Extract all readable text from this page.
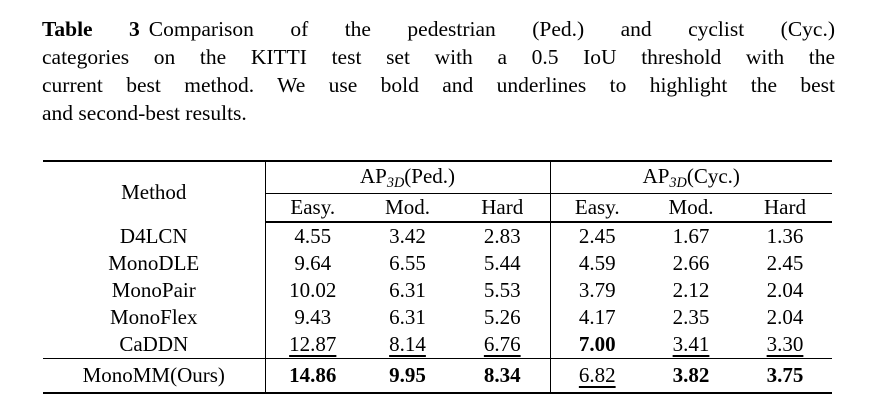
Table 3 Comparison of the pedestrian (Ped.) and cyclist (Cyc.)
categories on the KITTI test set with a 0.5 IoU threshold with the
current best method. We use bold and underlines to highlight the best
and second-best results.
Method	$AP_{3D}(Ped.)$			$AP_{3D}(Cyc.)$		
	Easy.	Mod.	Hard	Easy.	Mod.	Hard
D4LCN	4.55	3.42	2.83	2.45	1.67	1.36
MonoDLE	9.64	6.55	5.44	4.59	2.66	2.45
MonoPair	10.02	6.31	5.53	3.79	2.12	2.04
MonoFlex	9.43	6.31	5.26	4.17	2.35	2.04
CaDDN	12.87	8.14	6.76	7.00	3.41	3.30
MonoMM(Ours)	14.86	9.95	8.34	6.82	3.82	3.75
